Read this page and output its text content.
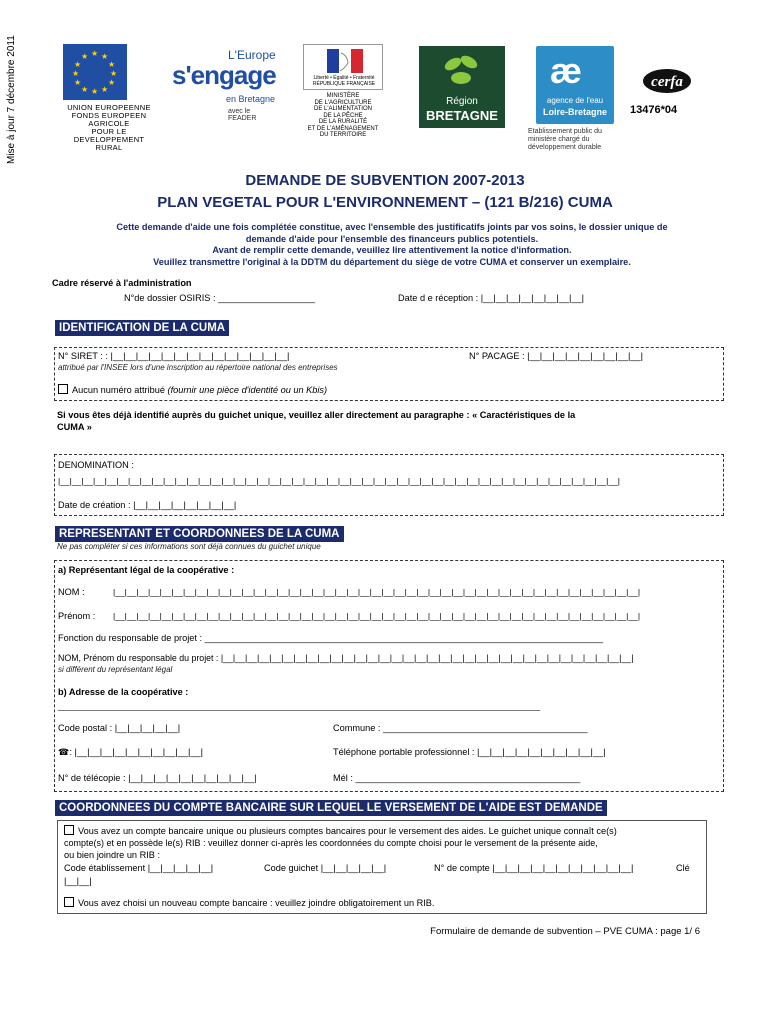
Mise à jour 7 décembre 2011	★ ★
★
★
★
★
★
★
★
★
★
★
UNION EUROPEENNE
FONDS EUROPEEN AGRICOLE
POUR LE DEVELOPPEMENT RURAL
L'Europe
s'engage
en Bretagne
avec le FEADER
Liberté • Égalité • Fraternité
RÉPUBLIQUE FRANÇAISE
MINISTÈRE
DE L'AGRICULTURE
DE L'ALIMENTATION
DE LA PÊCHE
DE LA RURALITÉ
ET DE L'AMÉNAGEMENT
DU TERRITOIRE
Région
BRETAGNE
æ
agence de l'eau
Loire-Bretagne
Etablissement public du ministère chargé du développement durable
cerfa
13476*04
DEMANDE DE SUBVENTION 2007-2013
PLAN VEGETAL POUR L'ENVIRONNEMENT – (121 B/216) CUMA
Cette demande d'aide une fois complétée constitue, avec l'ensemble des justificatifs joints par vos soins, le dossier unique de
demande d'aide pour l'ensemble des financeurs publics potentiels.
Avant de remplir cette demande, veuillez lire attentivement la notice d'information.
Veuillez transmettre l'original à la DDTM du département du siège de votre CUMA et conserver un exemplaire.
Cadre réservé à l'administration
N°de dossier OSIRIS : ___________________	Date d e réception : |__|__|__|__|__|__|__|__|
IDENTIFICATION DE LA CUMA
N° SIRET : : |__|__|__|__|__|__|__|__|__|__|__|__|__|__|	N° PACAGE : |__|__|__|__|__|__|__|__|__|
attribué par l'INSEE lors d'une inscription au répertoire national des entreprises
Aucun numéro attribué (fournir une pièce d'identité ou un Kbis)
Si vous êtes déjà identifié auprès du guichet unique, veuillez aller directement au paragraphe : « Caractéristiques de la
CUMA »
DENOMINATION :
|__|__|__|__|__|__|__|__|__|__|__|__|__|__|__|__|__|__|__|__|__|__|__|__|__|__|__|__|__|__|__|__|__|__|__|__|__|__|__|__|__|__|__|__|__|__|__|__|
Date de création : |__|__|__|__|__|__|__|__|
REPRESENTANT ET COORDONNEES DE LA CUMA
Ne pas compléter si ces informations sont déjà connues du guichet unique
a) Représentant légal de la coopérative :
NOM :	|__|__|__|__|__|__|__|__|__|__|__|__|__|__|__|__|__|__|__|__|__|__|__|__|__|__|__|__|__|__|__|__|__|__|__|__|__|__|__|__|__|__|__|__|__|
Prénom : |__|__|__|__|__|__|__|__|__|__|__|__|__|__|__|__|__|__|__|__|__|__|__|__|__|__|__|__|__|__|__|__|__|__|__|__|__|__|__|__|__|__|__|__|__|
Fonction du responsable de projet : ______________________________________________________________________________
NOM, Prénom du responsable du projet : |__|__|__|__|__|__|__|__|__|__|__|__|__|__|__|__|__|__|__|__|__|__|__|__|__|__|__|__|__|__|__|__|__|__|
si différent du représentant légal
b) Adresse de la coopérative :
______________________________________________________________________________________________________
Code postal : |__|__|__|__|__|	Commune : ________________________________________
☎: |__|__|__|__|__|__|__|__|__|__|	Téléphone portable professionnel : |__|__|__|__|__|__|__|__|__|__|
N° de télécopie : |__|__|__|__|__|__|__|__|__|__|	Mél : ____________________________________________
COORDONNEES DU COMPTE BANCAIRE SUR LEQUEL LE VERSEMENT DE L'AIDE EST DEMANDE
Vous avez un compte bancaire unique ou plusieurs comptes bancaires pour le versement des aides. Le guichet unique connaît ce(s)
compte(s) et en possède le(s) RIB : veuillez donner ci-après les coordonnées du compte choisi pour le versement de la présente aide,
ou bien joindre un RIB :
Code établissement |__|__|__|__|__|	Code guichet |__|__|__|__|__|	N° de compte |__|__|__|__|__|__|__|__|__|__|__|	Clé
|__|__|
Vous avez choisi un nouveau compte bancaire : veuillez joindre obligatoirement un RIB.
Formulaire de demande de subvention – PVE CUMA : page 1/ 6
